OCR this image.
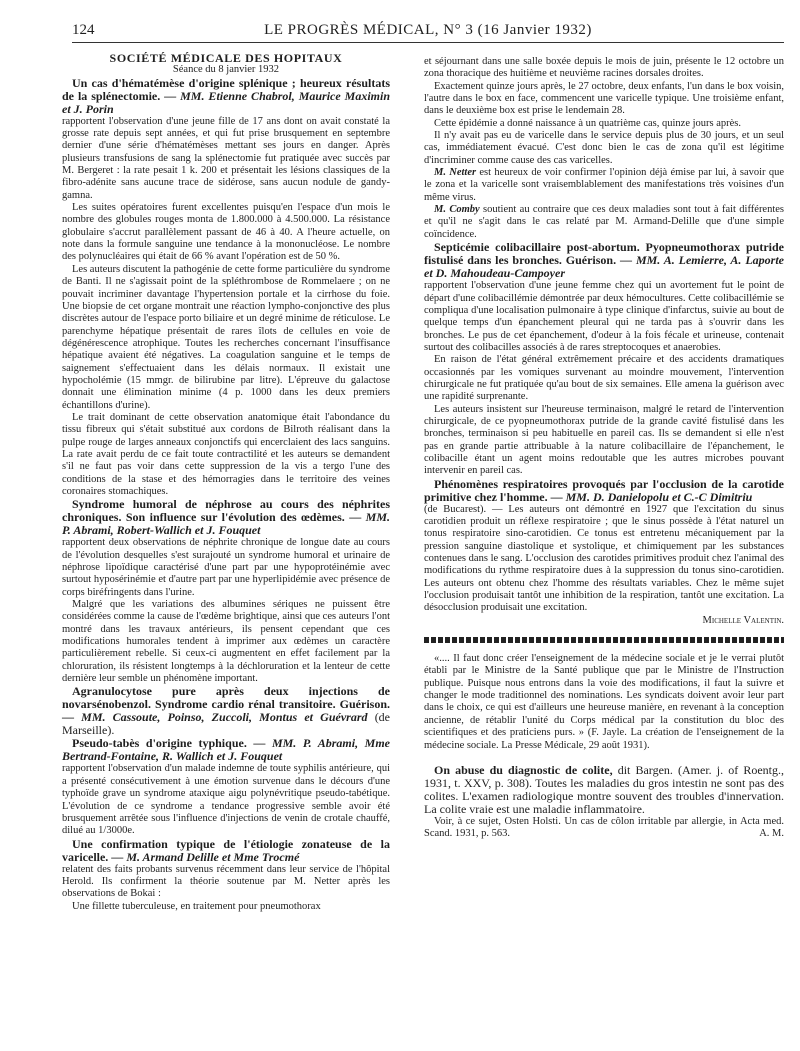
124	LE PROGRÈS MÉDICAL, N° 3 (16 Janvier 1932)

SOCIÉTÉ MÉDICALE DES HOPITAUX

Séance du 8 janvier 1932

Un cas d'hématémèse d'origine splénique ; heureux résultats de la splénectomie. — MM. Etienne Chabrol, Maurice Maximin et J. Porin

rapportent l'observation d'une jeune fille de 17 ans dont on avait constaté la grosse rate depuis sept années, et qui fut prise brusquement en septembre dernier d'une série d'hématémèses mettant ses jours en danger. Après plusieurs transfusions de sang la splénectomie fut pratiquée avec succès par M. Bergeret : la rate pesait 1 k. 200 et présentait les lésions classiques de la fibro-adénite sans aucune trace de sidérose, sans aucun nodule de gandy-gamna.

Les suites opératoires furent excellentes puisqu'en l'espace d'un mois le nombre des globules rouges monta de 1.800.000 à 4.500.000. La résistance globulaire s'accrut parallèlement passant de 46 à 40. A l'heure actuelle, on note dans la formule sanguine une tendance à la mononucléose. Le nombre des polynucléaires qui était de 66 % avant l'opération est de 50 %.

Les auteurs discutent la pathogénie de cette forme particulière du syndrome de Banti. Il ne s'agissait point de la spléthrombose de Rommelaere ; on ne pouvait incriminer davantage l'hypertension portale et la cirrhose du foie. Une biopsie de cet organe montrait une réaction lympho-conjonctive des plus discrètes autour de l'espace porto biliaire et un degré minime de réticulose. Le parenchyme hépatique présentait de rares îlots de cellules en voie de dégénérescence atrophique. Toutes les recherches concernant l'insuffisance hépatique avaient été négatives. La coagulation sanguine et le temps de saignement s'effectuaient dans les délais normaux. Il existait une hypocholémie (15 mmgr. de bilirubine par litre). L'épreuve du galactose donnait une élimination minime (4 p. 1000 dans les deux premiers échantillons d'urine).

Le trait dominant de cette observation anatomique était l'abondance du tissu fibreux qui s'était substitué aux cordons de Bilroth réalisant dans la pulpe rouge de larges anneaux conjonctifs qui encerclaient des lacs sanguins. La rate avait perdu de ce fait toute contractilité et les auteurs se demandent s'il ne faut pas voir dans cette suppression de la vis a tergo l'une des conditions de la stase et des hémorragies dans le territoire des veines coronaires stomachiques.

Syndrome humoral de néphrose au cours des néphrites chroniques. Son influence sur l'évolution des œdèmes. — MM. P. Abrami, Robert-Wallich et J. Fouquet

rapportent deux observations de néphrite chronique de longue date au cours de l'évolution desquelles s'est surajouté un syndrome humoral et urinaire de néphrose lipoïdique caractérisé d'une part par une hypoprotéinémie avec surtout hyposérinémie et d'autre part par une hyperlipidémie avec présence de corps biréfringents dans l'urine.

Malgré que les variations des albumines sériques ne puissent être considérées comme la cause de l'œdème brightique, ainsi que ces auteurs l'ont montré dans les travaux antérieurs, ils pensent cependant que ces modifications humorales tendent à imprimer aux œdèmes un caractère particulièrement rebelle. Si ceux-ci augmentent en effet facilement par la chloruration, ils résistent longtemps à la déchloruration et la lenteur de cette dernière leur semble un phénomène important.

Agranulocytose pure après deux injections de novarsénobenzol. Syndrome cardio rénal transitoire. Guérison. — MM. Cassoute, Poinso, Zuccoli, Montus et Guévrard (de Marseille).

Pseudo-tabès d'origine typhique. — MM. P. Abrami, Mme Bertrand-Fontaine, R. Wallich et J. Fouquet

rapportent l'observation d'un malade indemne de toute syphilis antérieure, qui a présenté consécutivement à une émotion survenue dans le décours d'une typhoïde grave un syndrome ataxique aigu polynévritique pseudo-tabétique. L'évolution de ce syndrome a tendance progressive semble avoir été brusquement arrêtée sous l'influence d'injections de venin de crotale chauffé, dilué au 1/3000e.

Une confirmation typique de l'étiologie zonateuse de la varicelle. — M. Armand Delille et Mme Trocmé

relatent des faits probants survenus récemment dans leur service de l'hôpital Herold. Ils confirment la théorie soutenue par M. Netter après les observations de Bokai :

Une fillette tuberculeuse, en traitement pour pneumothorax

et séjournant dans une salle boxée depuis le mois de juin, présente le 12 octobre un zona thoracique des huitième et neuvième racines dorsales droites.

Exactement quinze jours après, le 27 octobre, deux enfants, l'un dans le box voisin, l'autre dans le box en face, commencent une varicelle typique. Une troisième enfant, dans le deuxième box est prise le lendemain 28.

Cette épidémie a donné naissance à un quatrième cas, quinze jours après.

Il n'y avait pas eu de varicelle dans le service depuis plus de 30 jours, et un seul cas, immédiatement évacué. C'est donc bien le cas de zona qu'il est légitime d'incriminer comme cause des cas varicelles.

M. Netter est heureux de voir confirmer l'opinion déjà émise par lui, à savoir que le zona et la varicelle sont vraisemblablement des manifestations très voisines d'un même virus.

M. Comby soutient au contraire que ces deux maladies sont tout à fait différentes et qu'il ne s'agit dans le cas relaté par M. Armand-Delille que d'une simple coïncidence.

Septicémie colibacillaire post-abortum. Pyopneumothorax putride fistulisé dans les bronches. Guérison. — MM. A. Lemierre, A. Laporte et D. Mahoudeau-Campoyer

rapportent l'observation d'une jeune femme chez qui un avortement fut le point de départ d'une colibacillémie démontrée par deux hémocultures. Cette colibacillémie se compliqua d'une localisation pulmonaire à type clinique d'infarctus, suivie au bout de quelque temps d'un épanchement pleural qui ne tarda pas à s'ouvrir dans les bronches. Le pus de cet épanchement, d'odeur à la fois fécale et urineuse, contenait surtout des colibacilles associés à de rares streptocoques et anaerobies.

En raison de l'état général extrêmement précaire et des accidents dramatiques occasionnés par les vomiques survenant au moindre mouvement, l'intervention chirurgicale ne fut pratiquée qu'au bout de six semaines. Elle amena la guérison avec une rapidité surprenante.

Les auteurs insistent sur l'heureuse terminaison, malgré le retard de l'intervention chirurgicale, de ce pyopneumothorax putride de la grande cavité fistulisé dans les bronches, terminaison si peu habituelle en pareil cas. Ils se demandent si elle n'est pas en grande partie attribuable à la nature colibacillaire de l'épanchement, le colibacille étant un agent moins redoutable que les autres microbes pouvant intervenir en pareil cas.

Phénomènes respiratoires provoqués par l'occlusion de la carotide primitive chez l'homme. — MM. D. Danielopolu et C.-C Dimitriu

(de Bucarest). — Les auteurs ont démontré en 1927 que l'excitation du sinus carotidien produit un réflexe respiratoire ; que le sinus possède à l'état naturel un tonus respiratoire sino-carotidien. Ce tonus est entretenu mécaniquement par la pression sanguine diastolique et systolique, et chimiquement par les substances contenues dans le sang. L'occlusion des carotides primitives produit chez l'animal des modifications du rythme respiratoire dues à la suppression du tonus sino-carotidien. Les auteurs ont obtenu chez l'homme des résultats variables. Chez le même sujet l'occlusion produisait tantôt une inhibition de la respiration, tantôt une excitation. La désocclusion produisait une excitation.

Michelle Valentin.

«.... Il faut donc créer l'enseignement de la médecine sociale et je le verrai plutôt établi par le Ministre de la Santé publique que par le Ministre de l'Instruction publique. Puisque nous entrons dans la voie des modifications, il faut la suivre et changer le mode traditionnel des nominations. Les syndicats doivent avoir leur part dans le choix, ce qui est d'ailleurs une heureuse manière, en revenant à la conception ancienne, de rétablir l'unité du Corps médical par la constitution du bloc des scientifiques et des praticiens purs. » (F. Jayle. La création de l'enseignement de la médecine sociale. La Presse Médicale, 29 août 1931).

On abuse du diagnostic de colite, dit Bargen. (Amer. j. of Roentg., 1931, t. XXV, p. 308). Toutes les maladies du gros intestin ne sont pas des colites. L'examen radiologique montre souvent des troubles d'innervation. La colite vraie est une maladie inflammatoire.

Voir, à ce sujet, Osten Holsti. Un cas de côlon irritable par allergie, in Acta med. Scand. 1931, p. 563.	A. M.
